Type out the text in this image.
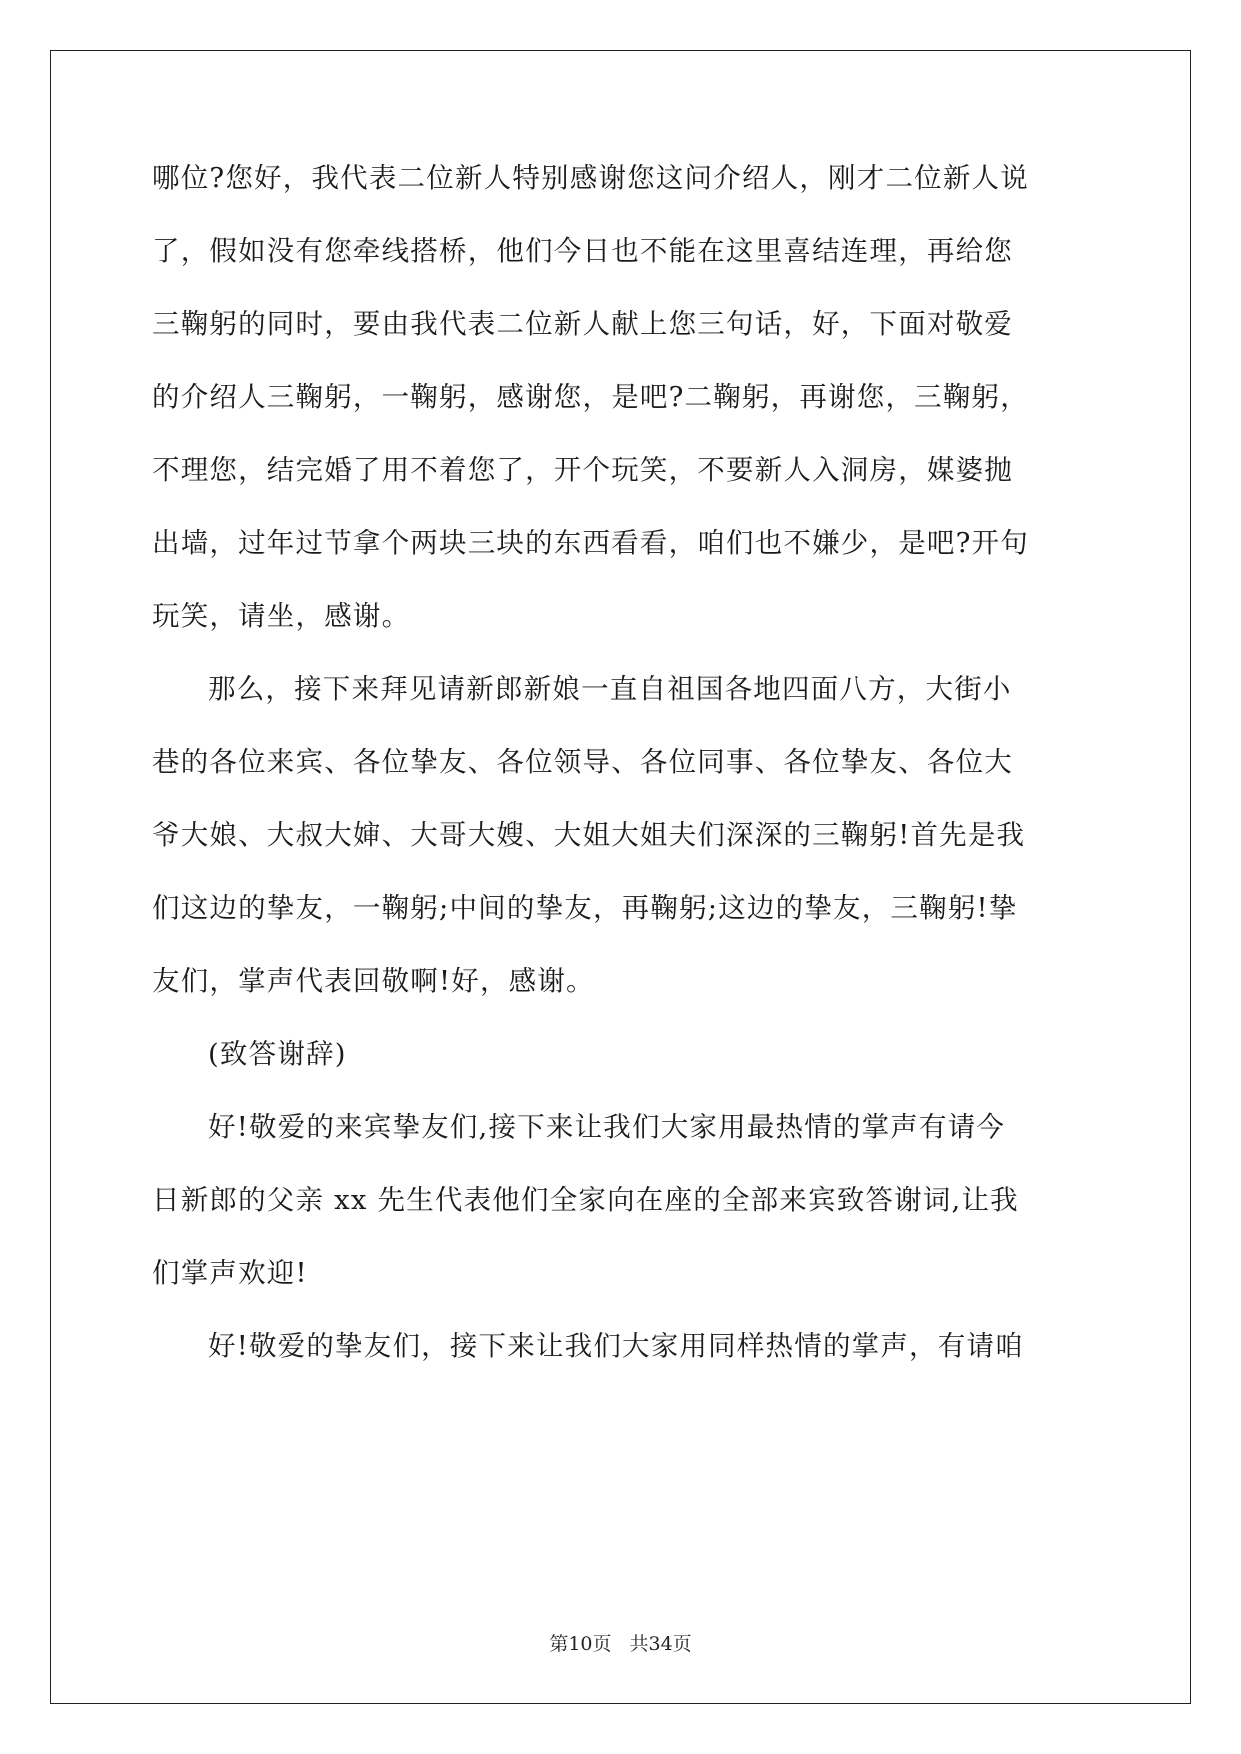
哪位?您好，我代表二位新人特别感谢您这问介绍人，刚才二位新人说
了，假如没有您牵线搭桥，他们今日也不能在这里喜结连理，再给您
三鞠躬的同时，要由我代表二位新人献上您三句话，好，下面对敬爱
的介绍人三鞠躬，一鞠躬，感谢您，是吧?二鞠躬，再谢您，三鞠躬，
不理您，结完婚了用不着您了，开个玩笑，不要新人入洞房，媒婆抛
出墙，过年过节拿个两块三块的东西看看，咱们也不嫌少，是吧?开句
玩笑，请坐，感谢。
那么，接下来拜见请新郎新娘一直自祖国各地四面八方，大街小
巷的各位来宾、各位挚友、各位领导、各位同事、各位挚友、各位大
爷大娘、大叔大婶、大哥大嫂、大姐大姐夫们深深的三鞠躬!首先是我
们这边的挚友，一鞠躬;中间的挚友，再鞠躬;这边的挚友，三鞠躬!挚
友们，掌声代表回敬啊!好，感谢。
(致答谢辞)
好!敬爱的来宾挚友们,接下来让我们大家用最热情的掌声有请今
日新郎的父亲 xx 先生代表他们全家向在座的全部来宾致答谢词,让我
们掌声欢迎!
好!敬爱的挚友们，接下来让我们大家用同样热情的掌声，有请咱
第10页 共34页
